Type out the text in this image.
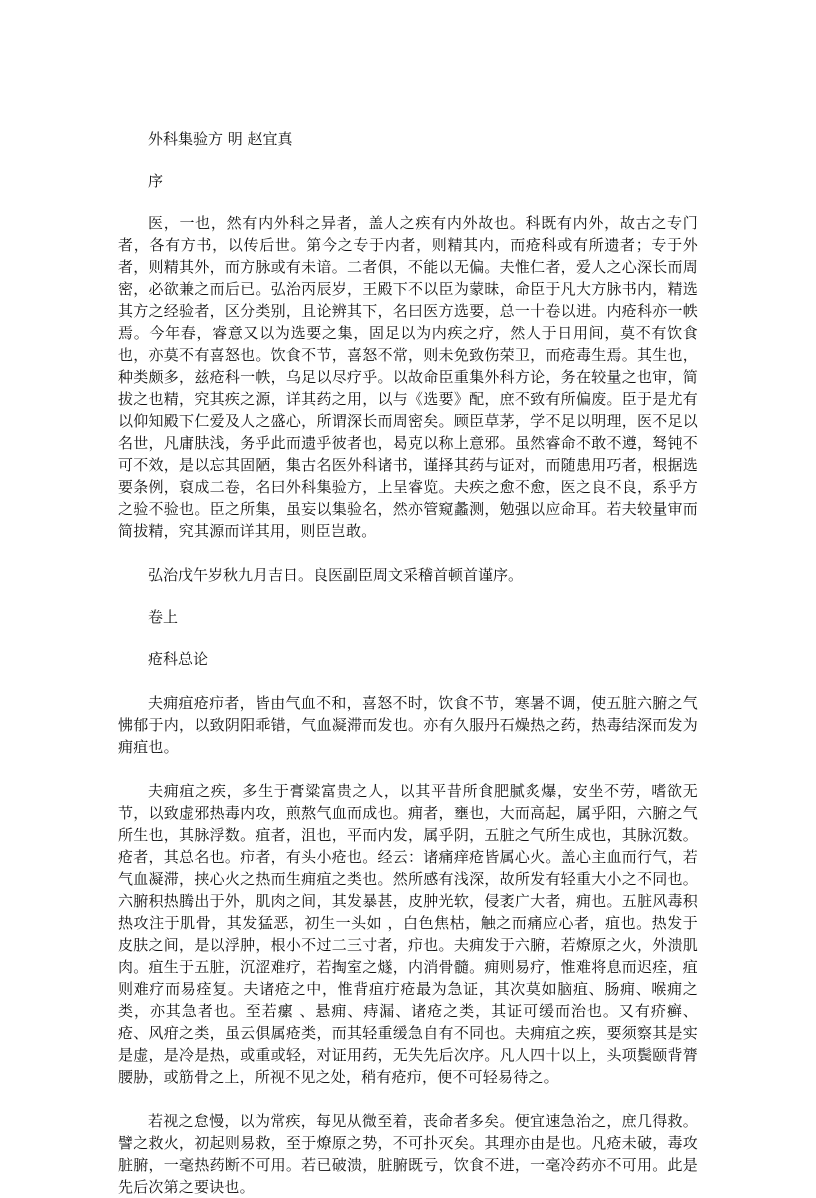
外科集验方 明 赵宜真

序

医，一也，然有内外科之异者，盖人之疾有内外故也。科既有内外，故古之专门者，各有方书，以传后世。第今之专于内者，则精其内，而疮科或有所遗者；专于外者，则精其外，而方脉或有未谙。二者俱，不能以无偏。夫惟仁者，爱人之心深长而周密，必欲兼之而后已。弘治丙辰岁，王殿下不以臣为蒙昧，命臣于凡大方脉书内，精选其方之经验者，区分类别，且论辨其下，名曰医方选要，总一十卷以进。内疮科亦一帙焉。今年春，睿意又以为选要之集，固足以为内疾之疗，然人于日用间，莫不有饮食也，亦莫不有喜怒也。饮食不节，喜怒不常，则未免致伤荣卫，而疮毒生焉。其生也，种类颇多，兹疮科一帙，乌足以尽疗乎。以故命臣重集外科方论，务在较量之也审，简拔之也精，究其疾之源，详其药之用，以与《选要》配，庶不致有所偏废。臣于是尤有以仰知殿下仁爱及人之盛心，所谓深长而周密矣。顾臣草茅，学不足以明理，医不足以名世，凡庸肤浅，务乎此而遗乎彼者也，曷克以称上意邪。虽然睿命不敢不遵，驽钝不可不效，是以忘其固陋，集古名医外科诸书，谨择其药与证对，而随患用巧者，根据选要条例，裒成二卷，名曰外科集验方，上呈睿览。夫疾之愈不愈，医之良不良，系乎方之验不验也。臣之所集，虽妄以集验名，然亦管窥蠡测，勉强以应命耳。若夫较量审而简拔精，究其源而详其用，则臣岂敢。

弘治戊午岁秋九月吉日。良医副臣周文采稽首顿首谨序。

卷上

疮科总论

夫痈疽疮疖者，皆由气血不和，喜怒不时，饮食不节，寒暑不调，使五脏六腑之气怫郁于内，以致阴阳乖错，气血凝滞而发也。亦有久服丹石燥热之药，热毒结深而发为痈疽也。

夫痈疽之疾，多生于膏粱富贵之人，以其平昔所食肥腻炙爆，安坐不劳，嗜欲无节，以致虚邪热毒内攻，煎熬气血而成也。痈者，壅也，大而高起，属乎阳，六腑之气所生也，其脉浮数。疽者，沮也，平而内发，属乎阴，五脏之气所生成也，其脉沉数。疮者，其总名也。疖者，有头小疮也。经云：诸痛痒疮皆属心火。盖心主血而行气，若气血凝滞，挟心火之热而生痈疽之类也。然所感有浅深，故所发有轻重大小之不同也。六腑积热腾出于外，肌肉之间，其发暴甚，皮肿光软，侵袤广大者，痈也。五脏风毒积热攻注于肌骨，其发猛恶，初生一头如 ，白色焦枯，触之而痛应心者，疽也。热发于皮肤之间，是以浮肿，根小不过二三寸者，疖也。夫痈发于六腑，若燎原之火，外溃肌肉。疽生于五脏，沉涩难疗，若掏室之燧，内消骨髓。痈则易疗，惟难将息而迟痊，疽则难疗而易痊复。夫诸疮之中，惟背疽疔疮最为急证，其次莫如脑疽、肠痈、喉痈之类，亦其急者也。至若瘰 、悬痈、痔漏、诸疮之类，其证可缓而治也。又有疥癣、疮、风疳之类，虽云俱属疮类，而其轻重缓急自有不同也。夫痈疽之疾，要须察其是实是虚，是冷是热，或重或轻，对证用药，无失先后次序。凡人四十以上，头项鬓颐背膂腰胁，或筋骨之上，所视不见之处，稍有疮疖，便不可轻易待之。

若视之怠慢，以为常疾，每见从微至着，丧命者多矣。便宜速急治之，庶几得救。譬之救火，初起则易救，至于燎原之势，不可扑灭矣。其理亦由是也。凡疮未破，毒攻脏腑，一毫热药断不可用。若已破溃，脏腑既亏，饮食不进，一毫冷药亦不可用。此是先后次第之要诀也。
